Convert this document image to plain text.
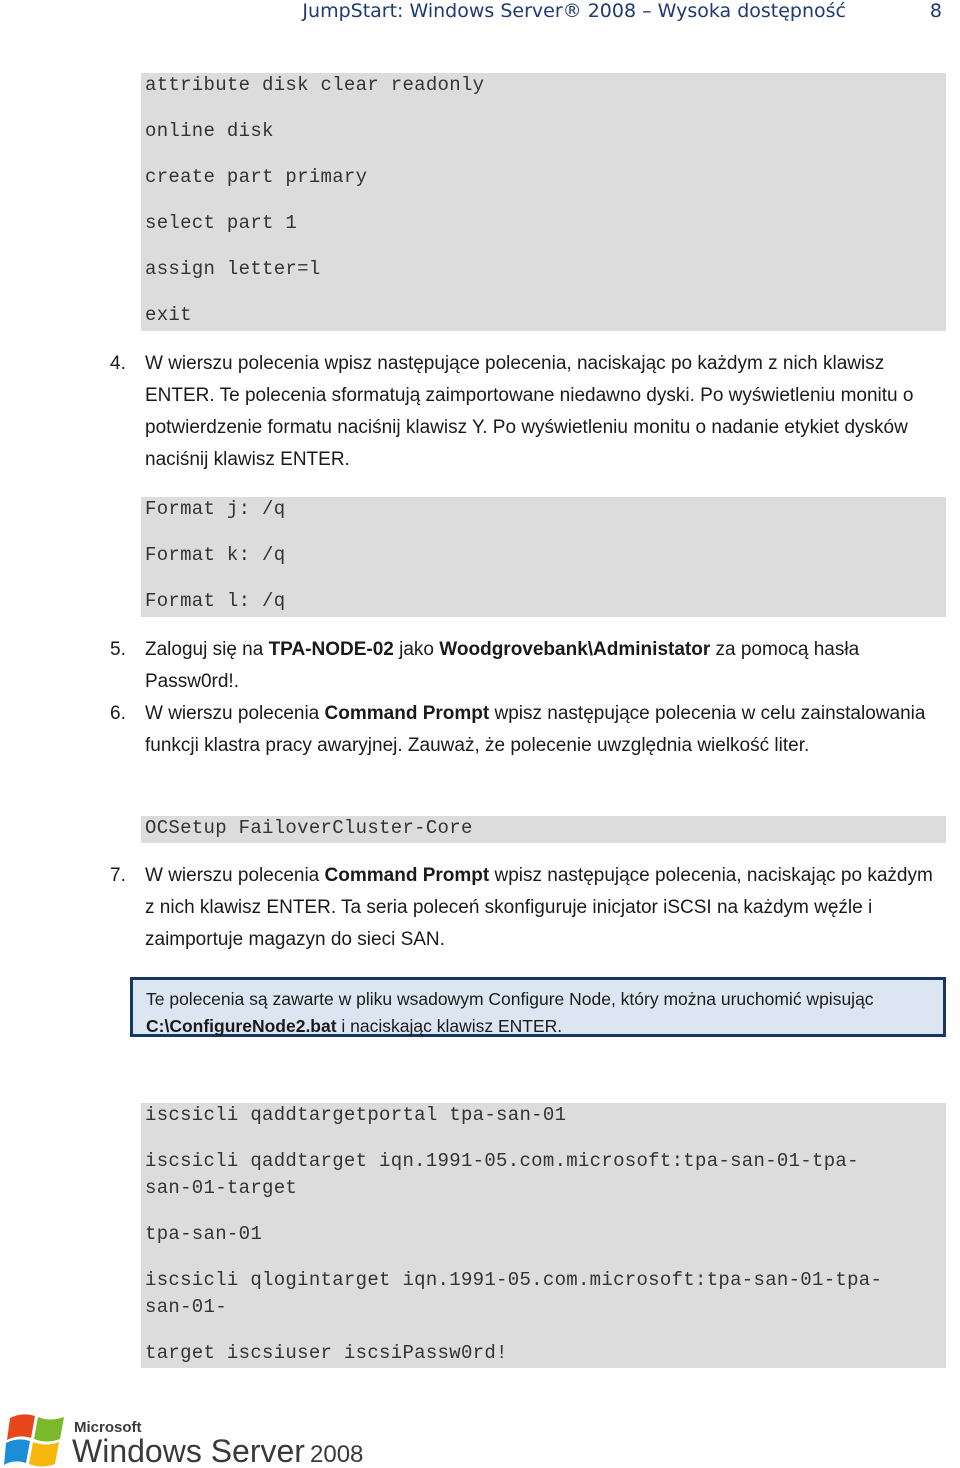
JumpStart: Windows Server® 2008 – Wysoka dostępność	8
attribute disk clear readonly
online disk
create part primary
select part 1
assign letter=l
exit
4. W wierszu polecenia wpisz następujące polecenia, naciskając po każdym z nich klawisz ENTER. Te polecenia sformatują zaimportowane niedawno dyski. Po wyświetleniu monitu o potwierdzenie formatu naciśnij klawisz Y. Po wyświetleniu monitu o nadanie etykiet dysków naciśnij klawisz ENTER.
Format j: /q
Format k: /q
Format l: /q
5. Zaloguj się na TPA-NODE-02 jako Woodgrovebank\Administator za pomocą hasła Passw0rd!.
6. W wierszu polecenia Command Prompt wpisz następujące polecenia w celu zainstalowania funkcji klastra pracy awaryjnej. Zauważ, że polecenie uwzględnia wielkość liter.
OCSetup FailoverCluster-Core
7. W wierszu polecenia Command Prompt wpisz następujące polecenia, naciskając po każdym z nich klawisz ENTER. Ta seria poleceń skonfiguruje inicjator iSCSI na każdym węźle i zaimportuje magazyn do sieci SAN.
Te polecenia są zawarte w pliku wsadowym Configure Node, który można uruchomić wpisując C:\ConfigureNode2.bat i naciskając klawisz ENTER.
iscsicli qaddtargetportal tpa-san-01
iscsicli qaddtarget iqn.1991-05.com.microsoft:tpa-san-01-tpa-
san-01-target
tpa-san-01
iscsicli qlogintarget iqn.1991-05.com.microsoft:tpa-san-01-tpa-
san-01-
target iscsiuser iscsiPassw0rd!
Microsoft
Windows Server 2008
